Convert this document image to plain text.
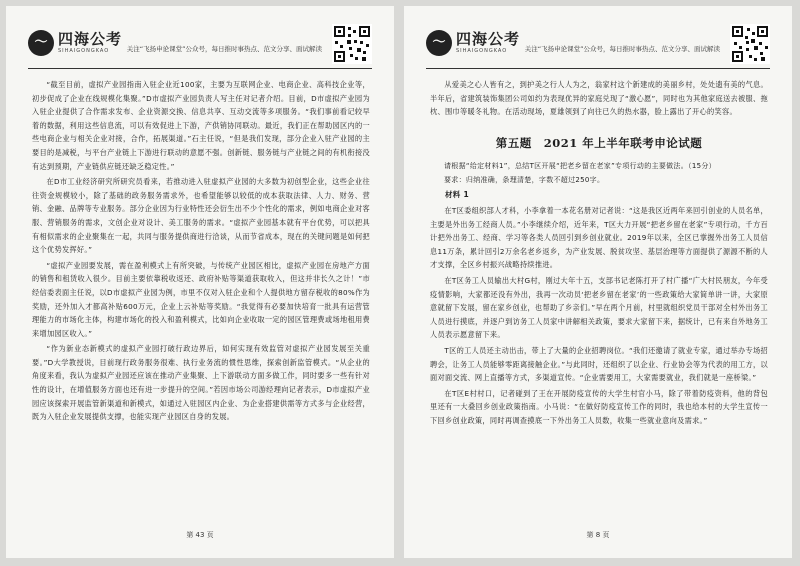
〜 四海公考
SIHAIGONGKAO	关注“飞扬申论课堂”公众号，每日推时事热点、范文分享、面试解读

“截至目前，虚拟产业园指南入驻企业近100家，主要为互联网企业、电商企业、高科技企业等，初步促成了企业在线规模化集聚。”D市虚拟产业园负责人写主任对记者介绍。目前，D市虚拟产业园为入驻企业提供了合作需求发布、企业资源交换、信息共享、互动交流等多项服务。“我们事前看记较早着的数据，利用这些信息流，可以有效促进上下游，产供销协同联动。最近，我们正在帮助园区内的一些电商企业与相关企业对接，合作，拓展渠道。”石主任说，“但是我们发现，部分企业入驻产业园的主要目的是减税，与平台产业链上下游进行联动的意愿不强。创新链、服务链与产业链之间的有机衔接没有达到预期，产业链供应链还缺乏稳定性。”

在D市工业经济研究所研究员看来，若推动进入驻虚拟产业园的大多数为初创型企业，这些企业往往资金规模较小，除了基础的政务服务需求外，也希望能够以较低的成本获取法律、人力、财务、营销、金融、品牌等专业服务。部分企业因为行业特性还会衍生出不少个性化的需求，例如电商企业对客服、营销服务的需求，文创企业对设计、美工服务的需求。“虚拟产业园基本就有平台优势，可以把具有相似需求的企业聚集在一起，共同与服务提供商进行洽谈，从而节省成本，现在的关键问题是如何把这个优势发挥好。”

“虚拟产业园要发展，需在盈利模式上有所突破，与传统产业园区相比，虚拟产业园在房地产方面的销售和租赁收入很少。目前主要依靠税收返还、政府补贴等渠道获取收入，但这并非长久之计！”市经信委表面主任说，以D市虚拟产业园为例，市里不仅对入驻企业和个人提供地方留存税收的80%作为奖励，还外加入才都高补贴600万元，企业上云补贴等奖励。“我觉得有必要加快培育一批具有运营管理能力的市场化主体，构建市场化的投入和盈利模式，比如向企业收取一定的园区管理费或场地租用费来增加园区收入。”

“作为新业态新模式的虚拟产业园打破行政边界后，如何实现有效监管对虚拟产业园发展至关重要。”D大学教授说，目前现行政务服务很难、执行业务流的惯性思维，探索创新监管模式。“从企业的角度来看，我认为虚拟产业园还应该在推动产业集聚、上下游联动方面多做工作，同时要多一些有针对性的设计，在增值服务方面也还有进一步提升的空间。”若因市场公司游经理向记者表示，D市虚拟产业园应该探索开展监管新渠道和新模式，如通过入驻园区内企业、为企业搭建供需等方式多与企业经营，既为入驻企业发展提供支撑，也能实现产业园区自身的发展。

第 43 页
〜 四海公考
SIHAIGONGKAO	关注“飞扬申论课堂”公众号，每日推时事热点、范文分享、面试解读

从爱美之心人皆有之，到护美之行人人为之，翁家村这个新建成的美丽乡村，处处遗有美的气息。半年后，省建筑装饰集团公司如约为表现优异的家庭兑现了“激心愿”，同时也为其他家庭送去被服、拖枕、围巾等暖冬礼物。在活动现场，夏雄领到了向往已久的热水器，脸上露出了开心的笑容。

第五题　2021 年上半年联考申论试题

请根据“给定材料1”，总结T区开展“把老乡留在老家”专项行动的主要做法。（15分）

要求：归纳准确，条理清楚，字数不超过250字。

材料 1

在T区委组织部人才科，小李拿着一本花名册对记者说：“这是我区近两年来回引创业的人员名单，主要是外出务工经商人员。”小李继续介绍，近年来，T区大力开展“把老乡留在老家”专项行动，千方百计把外出务工、经商、学习等各类人员回引到乡创业就业。2019年以来，全区已掌握外出务工人员信息11万条，累计回引2万余名老乡返乡，为产业发展、脱贫攻坚、基层治理等方面提供了源源不断的人才支撑，全区乡村振兴战略持续推进。

在T区务工人员输出大村G村，刚过大年十五，支部书记老陈打开了村广播“广大村民朋友，今年受疫情影响，大家都还没有外出，我再一次动员‘把老乡留在老家’的一些政策给大家简单讲一讲，大家原意就留下发展，留在家乡创业，也帮助了乡亲们。”早在两个月前，村里就组织党员干部对全村外出务工人员进行摸底，并逐户到访务工人员家中讲解相关政策，要求大家留下来，据统计，已有来自外地务工人员表示愿意留下来。

T区的工人员还主动出击，带上了大量的企业招聘岗位。“我们还邀请了就业专家，通过举办专场招聘会，让务工人员能够零距离接触企业。”与此同时，还组织了以企业、行业协会等为代表的用工方，以面对面交流、网上直播等方式，多渠道宣传。“企业需要用工，大家需要就业，我们就是一座桥梁。”

在T区E村村口，记者碰到了王在开展防疫宣传的大学生村官小马，除了带着防疫资料，他的背包里还有一大叠回乡创业政策指南。小马说：“在做好防疫宣传工作的同时，我也给本村的大学生宣传一下回乡创业政策，同时再调查摸底一下外出务工人员数，收集一些就业意向及需求。”

第 8 页
